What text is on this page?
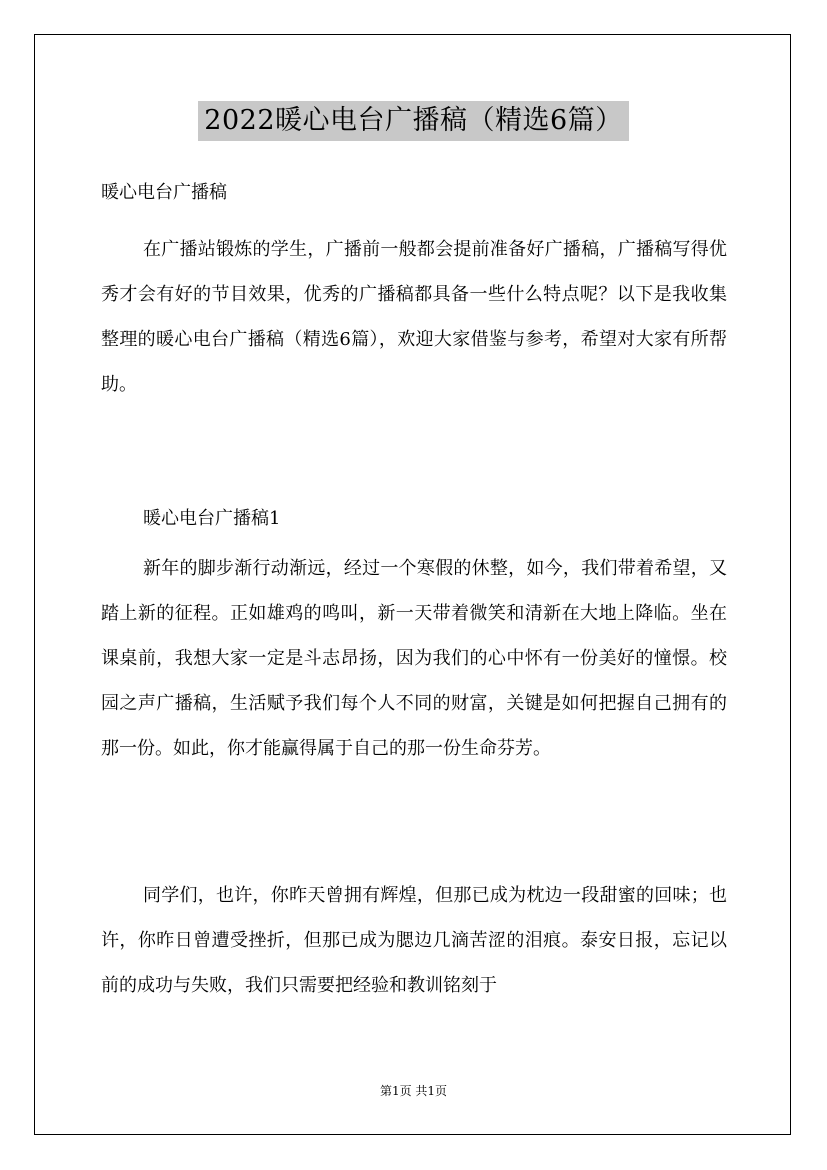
2022暖心电台广播稿（精选6篇）

暖心电台广播稿

在广播站锻炼的学生，广播前一般都会提前准备好广播稿，广播稿写得优秀才会有好的节目效果，优秀的广播稿都具备一些什么特点呢？以下是我收集整理的暖心电台广播稿（精选6篇），欢迎大家借鉴与参考，希望对大家有所帮助。

暖心电台广播稿1

新年的脚步渐行动渐远，经过一个寒假的休整，如今，我们带着希望，又踏上新的征程。正如雄鸡的鸣叫，新一天带着微笑和清新在大地上降临。坐在课桌前，我想大家一定是斗志昂扬，因为我们的心中怀有一份美好的憧憬。校园之声广播稿，生活赋予我们每个人不同的财富，关键是如何把握自己拥有的那一份。如此，你才能赢得属于自己的那一份生命芬芳。

同学们，也许，你昨天曾拥有辉煌，但那已成为枕边一段甜蜜的回味；也许，你昨日曾遭受挫折，但那已成为腮边几滴苦涩的泪痕。泰安日报，忘记以前的成功与失败，我们只需要把经验和教训铭刻于

第1页 共1页
